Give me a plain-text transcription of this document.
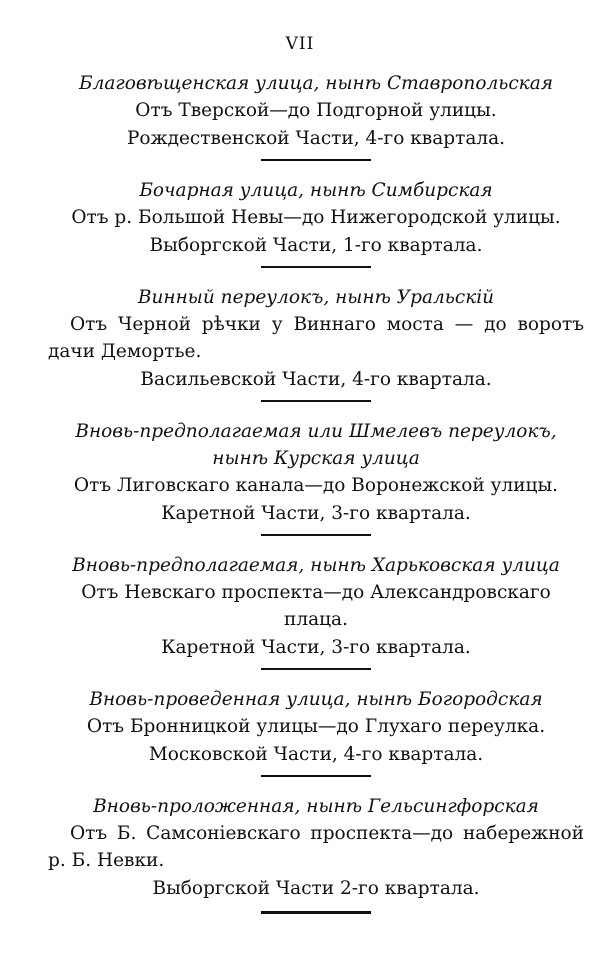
VII

Благовѣщенская улица, нынѣ Ставропольская

Отъ Тверской—до Подгорной улицы.

Рождественской Части, 4-го квартала.

Бочарная улица, нынѣ Симбирская

Отъ р. Большой Невы—до Нижегородской улицы.

Выборгской Части, 1-го квартала.

Винный переулокъ, нынѣ Уральскій

Отъ Черной рѣчки у Виннаго моста — до воротъ дачи Демортье.

Васильевской Части, 4-го квартала.

Вновь-предполагаемая или Шмелевъ переулокъ, нынѣ Курская улица

Отъ Лиговскаго канала—до Воронежской улицы.

Каретной Части, 3-го квартала.

Вновь-предполагаемая, нынѣ Харьковская улица

Отъ Невскаго проспекта—до Александровскаго плаца.

Каретной Части, 3-го квартала.

Вновь-проведенная улица, нынѣ Богородская

Отъ Бронницкой улицы—до Глухаго переулка.

Московской Части, 4-го квартала.

Вновь-проложенная, нынѣ Гельсингфорская

Отъ Б. Самсоніевскаго проспекта—до набережной р. Б. Невки.

Выборгской Части 2-го квартала.
